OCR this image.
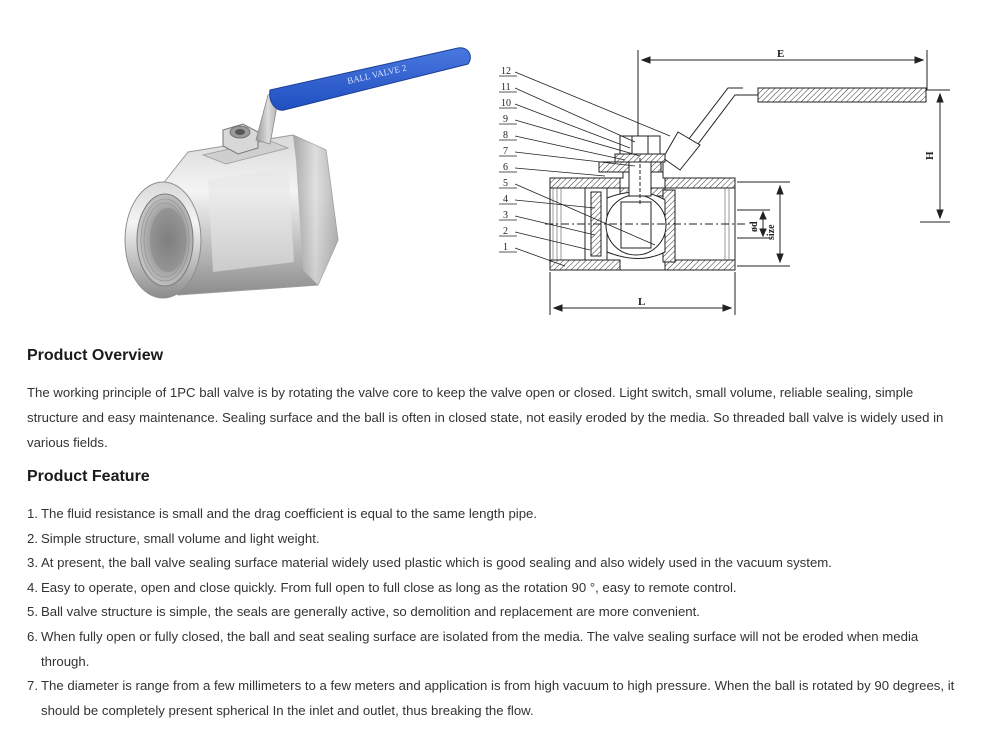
BALL VALVE 2	12
11
10
9
8
7
6
5
4
3
2
1
E
H
L
ød size
Product Overview

The working principle of 1PC ball valve is by rotating the valve core to keep the valve open or closed. Light switch, small volume, reliable sealing, simple structure and easy maintenance. Sealing surface and the ball is often in closed state, not easily eroded by the media. So threaded ball valve is widely used in various fields.

Product Feature
1. The fluid resistance is small and the drag coefficient is equal to the same length pipe.
2. Simple structure, small volume and light weight.
3. At present, the ball valve sealing surface material widely used plastic which is good sealing and also widely used in the vacuum system.
4. Easy to operate, open and close quickly. From full open to full close as long as the rotation 90 °, easy to remote control.
5. Ball valve structure is simple, the seals are generally active, so demolition and replacement are more convenient.
6. When fully open or fully closed, the ball and seat sealing surface are isolated from the media. The valve sealing surface will not be eroded when media through.
7. The diameter is range from a few millimeters to a few meters and application is from high vacuum to high pressure. When the ball is rotated by 90 degrees, it should be completely present spherical In the inlet and outlet, thus breaking the flow.
